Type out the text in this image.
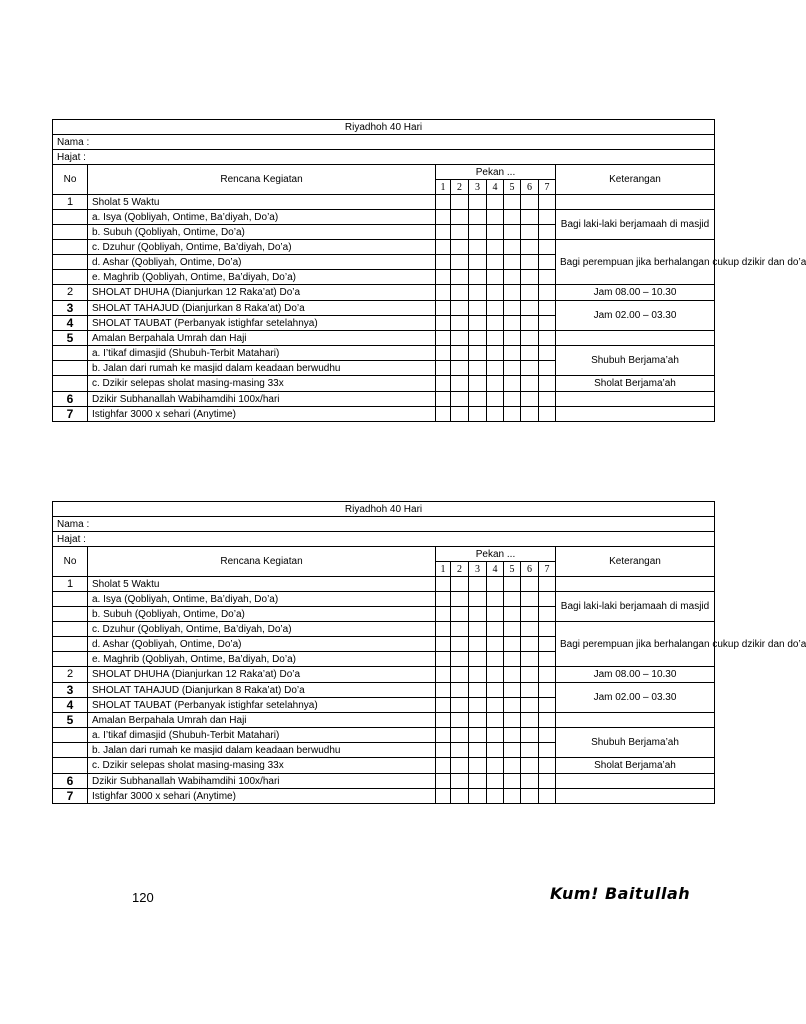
Riyadhoh 40 Hari									
Nama :									
Hajat :									
No	Rencana Kegiatan	Pekan ...							Keterangan
		1	2	3	4	5	6	7	
1	Sholat 5 Waktu								
	a. Isya (Qobliyah, Ontime, Ba’diyah, Do’a)								Bagi laki-laki berjamaah di masjid
	b. Subuh (Qobliyah, Ontime, Do’a)								
	c. Dzuhur (Qobliyah, Ontime, Ba’diyah, Do’a)								Bagi perempuan jika berhalangan cukup dzikir dan do’a
	d. Ashar (Qobliyah, Ontime, Do’a)								
	e. Maghrib (Qobliyah, Ontime, Ba’diyah, Do’a)								
2	SHOLAT DHUHA (Dianjurkan 12 Raka’at) Do’a								Jam 08.00 – 10.30
3	SHOLAT TAHAJUD (Dianjurkan 8 Raka’at) Do’a								Jam 02.00 – 03.30
4	SHOLAT TAUBAT (Perbanyak istighfar setelahnya)								
5	Amalan Berpahala Umrah dan Haji								
	a. I’tikaf dimasjid (Shubuh-Terbit Matahari)								Shubuh Berjama’ah
	b. Jalan dari rumah ke masjid dalam keadaan berwudhu								
	c. Dzikir selepas sholat masing-masing 33x								Sholat Berjama’ah
6	Dzikir Subhanallah Wabihamdihi 100x/hari								
7	Istighfar 3000 x sehari (Anytime)								
Riyadhoh 40 Hari									
Nama :									
Hajat :									
No	Rencana Kegiatan	Pekan ...							Keterangan
		1	2	3	4	5	6	7	
1	Sholat 5 Waktu								
	a. Isya (Qobliyah, Ontime, Ba’diyah, Do’a)								Bagi laki-laki berjamaah di masjid
	b. Subuh (Qobliyah, Ontime, Do’a)								
	c. Dzuhur (Qobliyah, Ontime, Ba’diyah, Do’a)								Bagi perempuan jika berhalangan cukup dzikir dan do’a
	d. Ashar (Qobliyah, Ontime, Do’a)								
	e. Maghrib (Qobliyah, Ontime, Ba’diyah, Do’a)								
2	SHOLAT DHUHA (Dianjurkan 12 Raka’at) Do’a								Jam 08.00 – 10.30
3	SHOLAT TAHAJUD (Dianjurkan 8 Raka’at) Do’a								Jam 02.00 – 03.30
4	SHOLAT TAUBAT (Perbanyak istighfar setelahnya)								
5	Amalan Berpahala Umrah dan Haji								
	a. I’tikaf dimasjid (Shubuh-Terbit Matahari)								Shubuh Berjama’ah
	b. Jalan dari rumah ke masjid dalam keadaan berwudhu								
	c. Dzikir selepas sholat masing-masing 33x								Sholat Berjama’ah
6	Dzikir Subhanallah Wabihamdihi 100x/hari								
7	Istighfar 3000 x sehari (Anytime)								
120	Kum! Baitullah
